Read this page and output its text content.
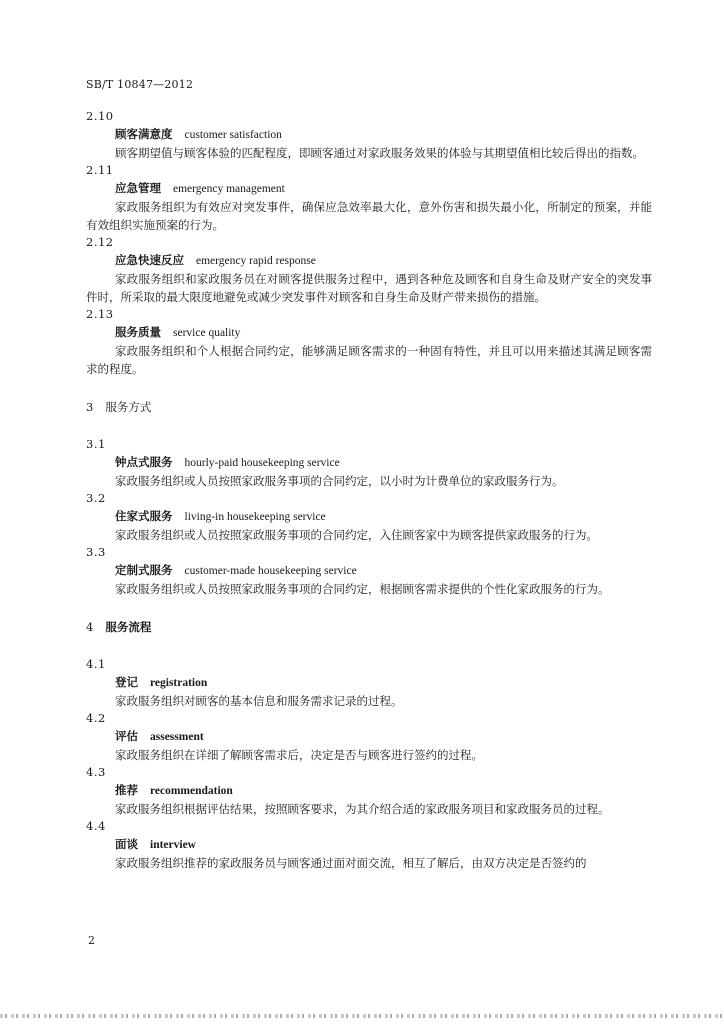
SB/T 10847—2012
2.10
顾客满意度 customer satisfaction

顾客期望值与顾客体验的匹配程度，即顾客通过对家政服务效果的体验与其期望值相比较后得出的指数。

2.11
应急管理 emergency management

家政服务组织为有效应对突发事件，确保应急效率最大化，意外伤害和损失最小化，所制定的预案，并能有效组织实施预案的行为。

2.12
应急快速反应 emergency rapid response

家政服务组织和家政服务员在对顾客提供服务过程中，遇到各种危及顾客和自身生命及财产安全的突发事件时，所采取的最大限度地避免或减少突发事件对顾客和自身生命及财产带来损伤的措施。

2.13
服务质量 service quality

家政服务组织和个人根据合同约定，能够满足顾客需求的一种固有特性，并且可以用来描述其满足顾客需求的程度。

3 服务方式
3.1
钟点式服务 hourly-paid housekeeping service

家政服务组织或人员按照家政服务事项的合同约定，以小时为计费单位的家政服务行为。

3.2
住家式服务 living-in housekeeping service

家政服务组织或人员按照家政服务事项的合同约定，入住顾客家中为顾客提供家政服务的行为。

3.3
定制式服务 customer-made housekeeping service

家政服务组织或人员按照家政服务事项的合同约定，根据顾客需求提供的个性化家政服务的行为。

4 服务流程
4.1
登记 registration

家政服务组织对顾客的基本信息和服务需求记录的过程。

4.2
评估 assessment

家政服务组织在详细了解顾客需求后，决定是否与顾客进行签约的过程。

4.3
推荐 recommendation

家政服务组织根据评估结果，按照顾客要求，为其介绍合适的家政服务项目和家政服务员的过程。

4.4
面谈 interview

家政服务组织推荐的家政服务员与顾客通过面对面交流，相互了解后，由双方决定是否签约的

2
